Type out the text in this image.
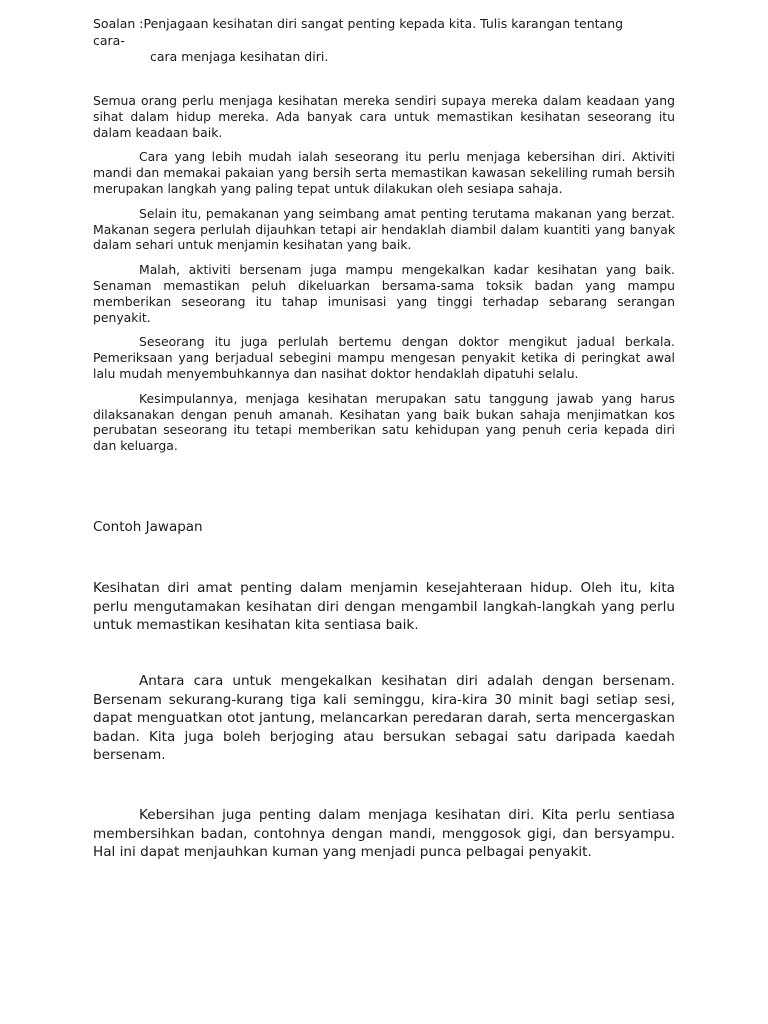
Soalan :Penjagaan kesihatan diri sangat penting kepada kita. Tulis karangan tentang
cara-
cara menjaga kesihatan diri.

Semua orang perlu menjaga kesihatan mereka sendiri supaya mereka dalam keadaan yang sihat dalam hidup mereka. Ada banyak cara untuk memastikan kesihatan seseorang itu dalam keadaan baik.

Cara yang lebih mudah ialah seseorang itu perlu menjaga kebersihan diri. Aktiviti mandi dan memakai pakaian yang bersih serta memastikan kawasan sekeliling rumah bersih merupakan langkah yang paling tepat untuk dilakukan oleh sesiapa sahaja.

Selain itu, pemakanan yang seimbang amat penting terutama makanan yang berzat. Makanan segera perlulah dijauhkan tetapi air hendaklah diambil dalam kuantiti yang banyak dalam sehari untuk menjamin kesihatan yang baik.

Malah, aktiviti bersenam juga mampu mengekalkan kadar kesihatan yang baik. Senaman memastikan peluh dikeluarkan bersama-sama toksik badan yang mampu memberikan seseorang itu tahap imunisasi yang tinggi terhadap sebarang serangan penyakit.

Seseorang itu juga perlulah bertemu dengan doktor mengikut jadual berkala. Pemeriksaan yang berjadual sebegini mampu mengesan penyakit ketika di peringkat awal lalu mudah menyembuhkannya dan nasihat doktor hendaklah dipatuhi selalu.

Kesimpulannya, menjaga kesihatan merupakan satu tanggung jawab yang harus dilaksanakan dengan penuh amanah. Kesihatan yang baik bukan sahaja menjimatkan kos perubatan seseorang itu tetapi memberikan satu kehidupan yang penuh ceria kepada diri dan keluarga.

Contoh Jawapan

Kesihatan diri amat penting dalam menjamin kesejahteraan hidup. Oleh itu, kita perlu mengutamakan kesihatan diri dengan mengambil langkah-langkah yang perlu untuk memastikan kesihatan kita sentiasa baik.

Antara cara untuk mengekalkan kesihatan diri adalah dengan bersenam. Bersenam sekurang-kurang tiga kali seminggu, kira-kira 30 minit bagi setiap sesi, dapat menguatkan otot jantung, melancarkan peredaran darah, serta mencergaskan badan. Kita juga boleh berjoging atau bersukan sebagai satu daripada kaedah bersenam.

Kebersihan juga penting dalam menjaga kesihatan diri. Kita perlu sentiasa membersihkan badan, contohnya dengan mandi, menggosok gigi, dan bersyampu. Hal ini dapat menjauhkan kuman yang menjadi punca pelbagai penyakit.
